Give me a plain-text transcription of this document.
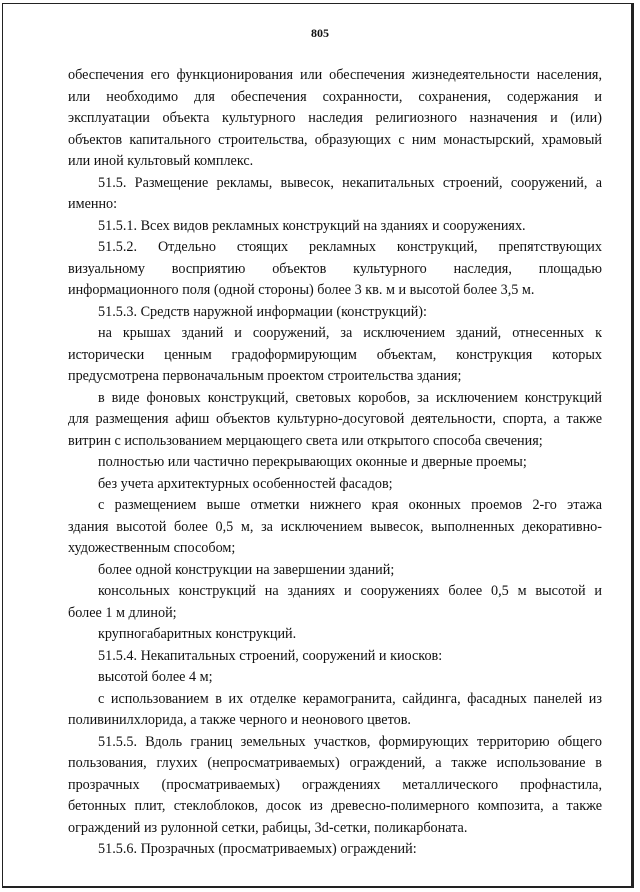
805
обеспечения его функционирования или обеспечения жизнедеятельности населения,
или необходимо для обеспечения сохранности, сохранения, содержания и
эксплуатации объекта культурного наследия религиозного назначения и (или)
объектов капитального строительства, образующих с ним монастырский, храмовый
или иной культовый комплекс.
51.5. Размещение рекламы, вывесок, некапитальных строений, сооружений, а
именно:
51.5.1. Всех видов рекламных конструкций на зданиях и сооружениях.
51.5.2. Отдельно стоящих рекламных конструкций, препятствующих
визуальному восприятию объектов культурного наследия, площадью
информационного поля (одной стороны) более 3 кв. м и высотой более 3,5 м.
51.5.3. Средств наружной информации (конструкций):
на крышах зданий и сооружений, за исключением зданий, отнесенных к
исторически ценным градоформирующим объектам, конструкция которых
предусмотрена первоначальным проектом строительства здания;
в виде фоновых конструкций, световых коробов, за исключением конструкций
для размещения афиш объектов культурно-досуговой деятельности, спорта, а также
витрин с использованием мерцающего света или открытого способа свечения;
полностью или частично перекрывающих оконные и дверные проемы;
без учета архитектурных особенностей фасадов;
с размещением выше отметки нижнего края оконных проемов 2-го этажа
здания высотой более 0,5 м, за исключением вывесок, выполненных декоративно-
художественным способом;
более одной конструкции на завершении зданий;
консольных конструкций на зданиях и сооружениях более 0,5 м высотой и
более 1 м длиной;
крупногабаритных конструкций.
51.5.4. Некапитальных строений, сооружений и киосков:
высотой более 4 м;
с использованием в их отделке керамогранита, сайдинга, фасадных панелей из
поливинилхлорида, а также черного и неонового цветов.
51.5.5. Вдоль границ земельных участков, формирующих территорию общего
пользования, глухих (непросматриваемых) ограждений, а также использование в
прозрачных (просматриваемых) ограждениях металлического профнастила,
бетонных плит, стеклоблоков, досок из древесно-полимерного композита, а также
ограждений из рулонной сетки, рабицы, 3d-сетки, поликарбоната.
51.5.6. Прозрачных (просматриваемых) ограждений:
